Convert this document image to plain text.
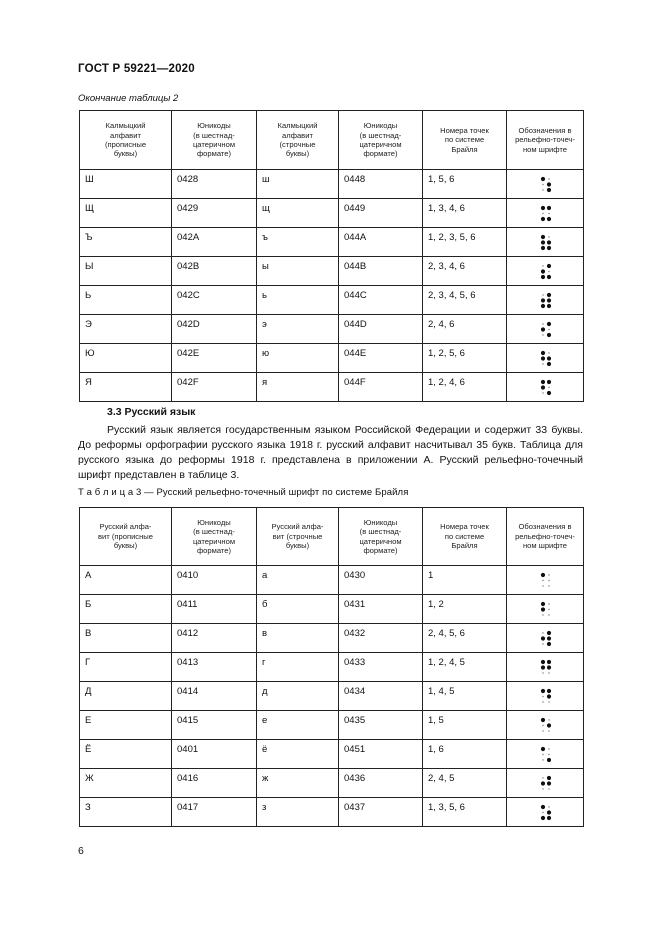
ГОСТ Р 59221—2020
Окончание таблицы 2
Калмыцкий
алфавит
(прописные
буквы)	Юникоды
(в шестнад-
цатеричном
формате)	Калмыцкий
алфавит
(строчные
буквы)	Юникоды
(в шестнад-
цатеричном
формате)	Номера точек
по системе
Брайля	Обозначения в
рельефно-точеч-
ном шрифте
Ш	0428	ш	0448	1, 5, 6	
Щ	0429	щ	0449	1, 3, 4, 6	
Ъ	042A	ъ	044A	1, 2, 3, 5, 6	
Ы	042B	ы	044B	2, 3, 4, 6	
Ь	042C	ь	044C	2, 3, 4, 5, 6	
Э	042D	э	044D	2, 4, 6	
Ю	042E	ю	044E	1, 2, 5, 6	
Я	042F	я	044F	1, 2, 4, 6	
3.3 Русский язык

Русский язык является государственным языком Российской Федерации и содержит 33 буквы. До реформы орфографии русского языка 1918 г. русский алфавит насчитывал 35 букв. Таблица для русского языка до реформы 1918 г. представлена в приложении А. Русский рельефно-точечный шрифт представлен в таблице 3.

Т а б л и ц а 3 — Русский рельефно-точечный шрифт по системе Брайля
Русский алфа-
вит (прописные
буквы)	Юникоды
(в шестнад-
цатеричном
формате)	Русский алфа-
вит (строчные
буквы)	Юникоды
(в шестнад-
цатеричном
формате)	Номера точек
по системе
Брайля	Обозначения в
рельефно-точеч-
ном шрифте
А	0410	а	0430	1	
Б	0411	б	0431	1, 2	
В	0412	в	0432	2, 4, 5, 6	
Г	0413	г	0433	1, 2, 4, 5	
Д	0414	д	0434	1, 4, 5	
Е	0415	е	0435	1, 5	
Ё	0401	ё	0451	1, 6	
Ж	0416	ж	0436	2, 4, 5	
З	0417	з	0437	1, 3, 5, 6	
6
